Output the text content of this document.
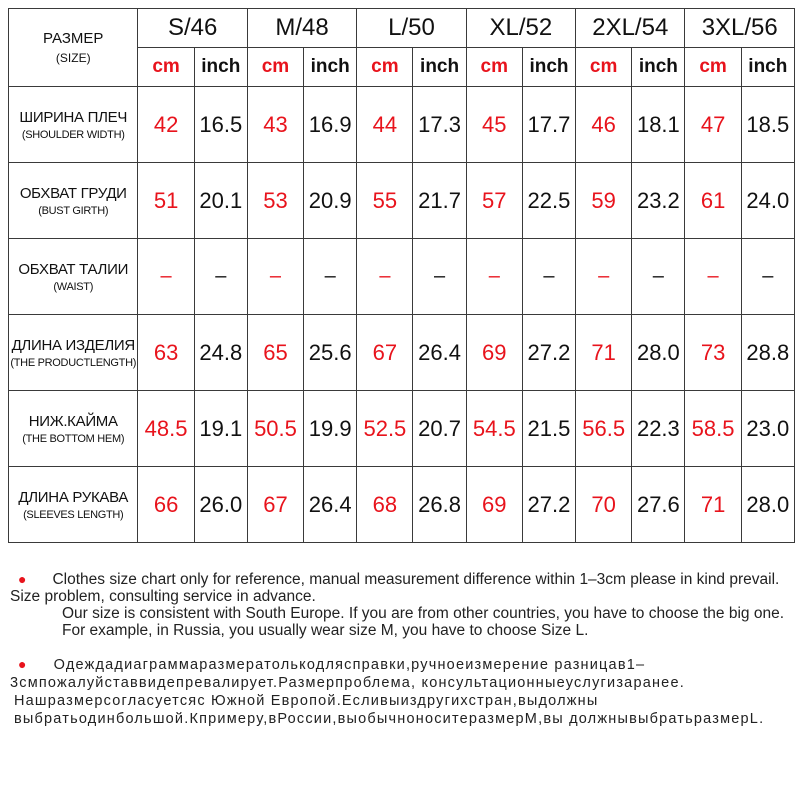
РАЗМЕР
(SIZE)	S/46		M/48		L/50		XL/52		2XL/54		3XL/56	
	cm	inch	cm	inch	cm	inch	cm	inch	cm	inch	cm	inch

ШИРИНА ПЛЕЧ
(SHOULDER WIDTH)	42	16.5	43	16.9	44	17.3	45	17.7	46	18.1	47	18.5

ОБХВАТ ГРУДИ
(BUST GIRTH)	51	20.1	53	20.9	55	21.7	57	22.5	59	23.2	61	24.0

ОБХВАТ ТАЛИИ
(WAIST)	–	–	–	–	–	–	–	–	–	–	–	–

ДЛИНА ИЗДЕЛИЯ
(THE PRODUCTLENGTH)	63	24.8	65	25.6	67	26.4	69	27.2	71	28.0	73	28.8

НИЖ.КАЙМА
(THE BOTTOM HEM)	48.5	19.1	50.5	19.9	52.5	20.7	54.5	21.5	56.5	22.3	58.5	23.0

ДЛИНА РУКАВА
(SLEEVES LENGTH)	66	26.0	67	26.4	68	26.8	69	27.2	70	27.6	71	28.0

● Clothes size chart only for reference, manual measurement difference within 1–3cm please in kind prevail. Size problem, consulting service in advance.

Our size is consistent with South Europe. If you are from other countries, you have to choose the big one. For example, in Russia, you usually wear size M, you have to choose Size L.

● Одеждадиаграммаразмератолькодляcправки,ручноеизмерение разницав1–3смпожалуйставвидепревалирует.Размерпроблема, консультационныеуслугизаранее.

Нашразмерсогласуетсяс Южной Европой.Есливыиздругихстран,выдолжны выбратьодинбольшой.Кпримеру,вРоссии,выобычноноситеразмерМ,вы должнывыбратьразмерL.
